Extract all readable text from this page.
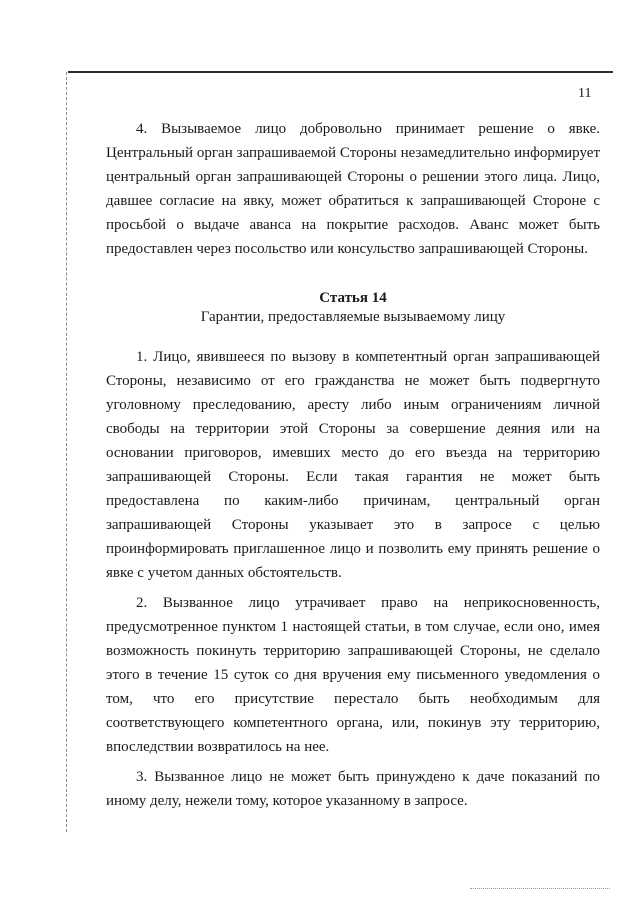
11

4. Вызываемое лицо добровольно принимает решение о явке. Центральный орган запрашиваемой Стороны незамедлительно информирует центральный орган запрашивающей Стороны о решении этого лица. Лицо, давшее согласие на явку, может обратиться к запрашивающей Стороне с просьбой о выдаче аванса на покрытие расходов. Аванс может быть предоставлен через посольство или консульство запрашивающей Стороны.

Статья 14
Гарантии, предоставляемые вызываемому лицу

1. Лицо, явившееся по вызову в компетентный орган запрашивающей Стороны, независимо от его гражданства не может быть подвергнуто уголовному преследованию, аресту либо иным ограничениям личной свободы на территории этой Стороны за совершение деяния или на основании приговоров, имевших место до его въезда на территорию запрашивающей Стороны. Если такая гарантия не может быть предоставлена по каким-либо причинам, центральный орган запрашивающей Стороны указывает это в запросе с целью проинформировать приглашенное лицо и позволить ему принять решение о явке с учетом данных обстоятельств.

2. Вызванное лицо утрачивает право на неприкосновенность, предусмотренное пунктом 1 настоящей статьи, в том случае, если оно, имея возможность покинуть территорию запрашивающей Стороны, не сделало этого в течение 15 суток со дня вручения ему письменного уведомления о том, что его присутствие перестало быть необходимым для соответствующего компетентного органа, или, покинув эту территорию, впоследствии возвратилось на нее.

3. Вызванное лицо не может быть принуждено к даче показаний по иному делу, нежели тому, которое указанному в запросе.
